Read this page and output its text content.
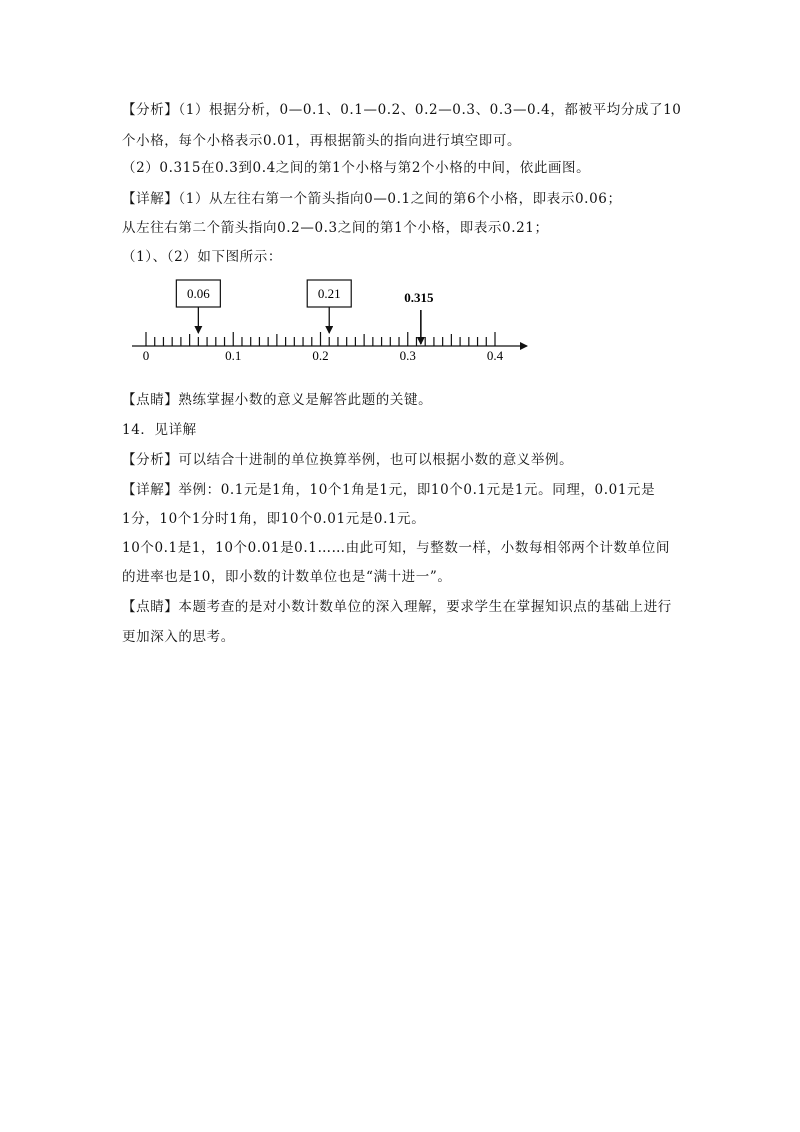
【分析】（1）根据分析，0—0.1、0.1—0.2、0.2—0.3、0.3—0.4，都被平均分成了10
个小格，每个小格表示0.01，再根据箭头的指向进行填空即可。
（2）0.315在0.3到0.4之间的第1个小格与第2个小格的中间，依此画图。
【详解】（1）从左往右第一个箭头指向0—0.1之间的第6个小格，即表示0.06；
从左往右第二个箭头指向0.2—0.3之间的第1个小格，即表示0.21；
（1）、（2）如下图所示：
0	0.1	0.2	0.3	0.4
0.06	0.21	0.315
【点睛】熟练掌握小数的意义是解答此题的关键。
14．见详解
【分析】可以结合十进制的单位换算举例，也可以根据小数的意义举例。
【详解】举例：0.1元是1角，10个1角是1元，即10个0.1元是1元。同理，0.01元是
1分，10个1分时1角，即10个0.01元是0.1元。
10个0.1是1，10个0.01是0.1……由此可知，与整数一样，小数每相邻两个计数单位间
的进率也是10，即小数的计数单位也是“满十进一”。
【点睛】本题考查的是对小数计数单位的深入理解，要求学生在掌握知识点的基础上进行
更加深入的思考。
